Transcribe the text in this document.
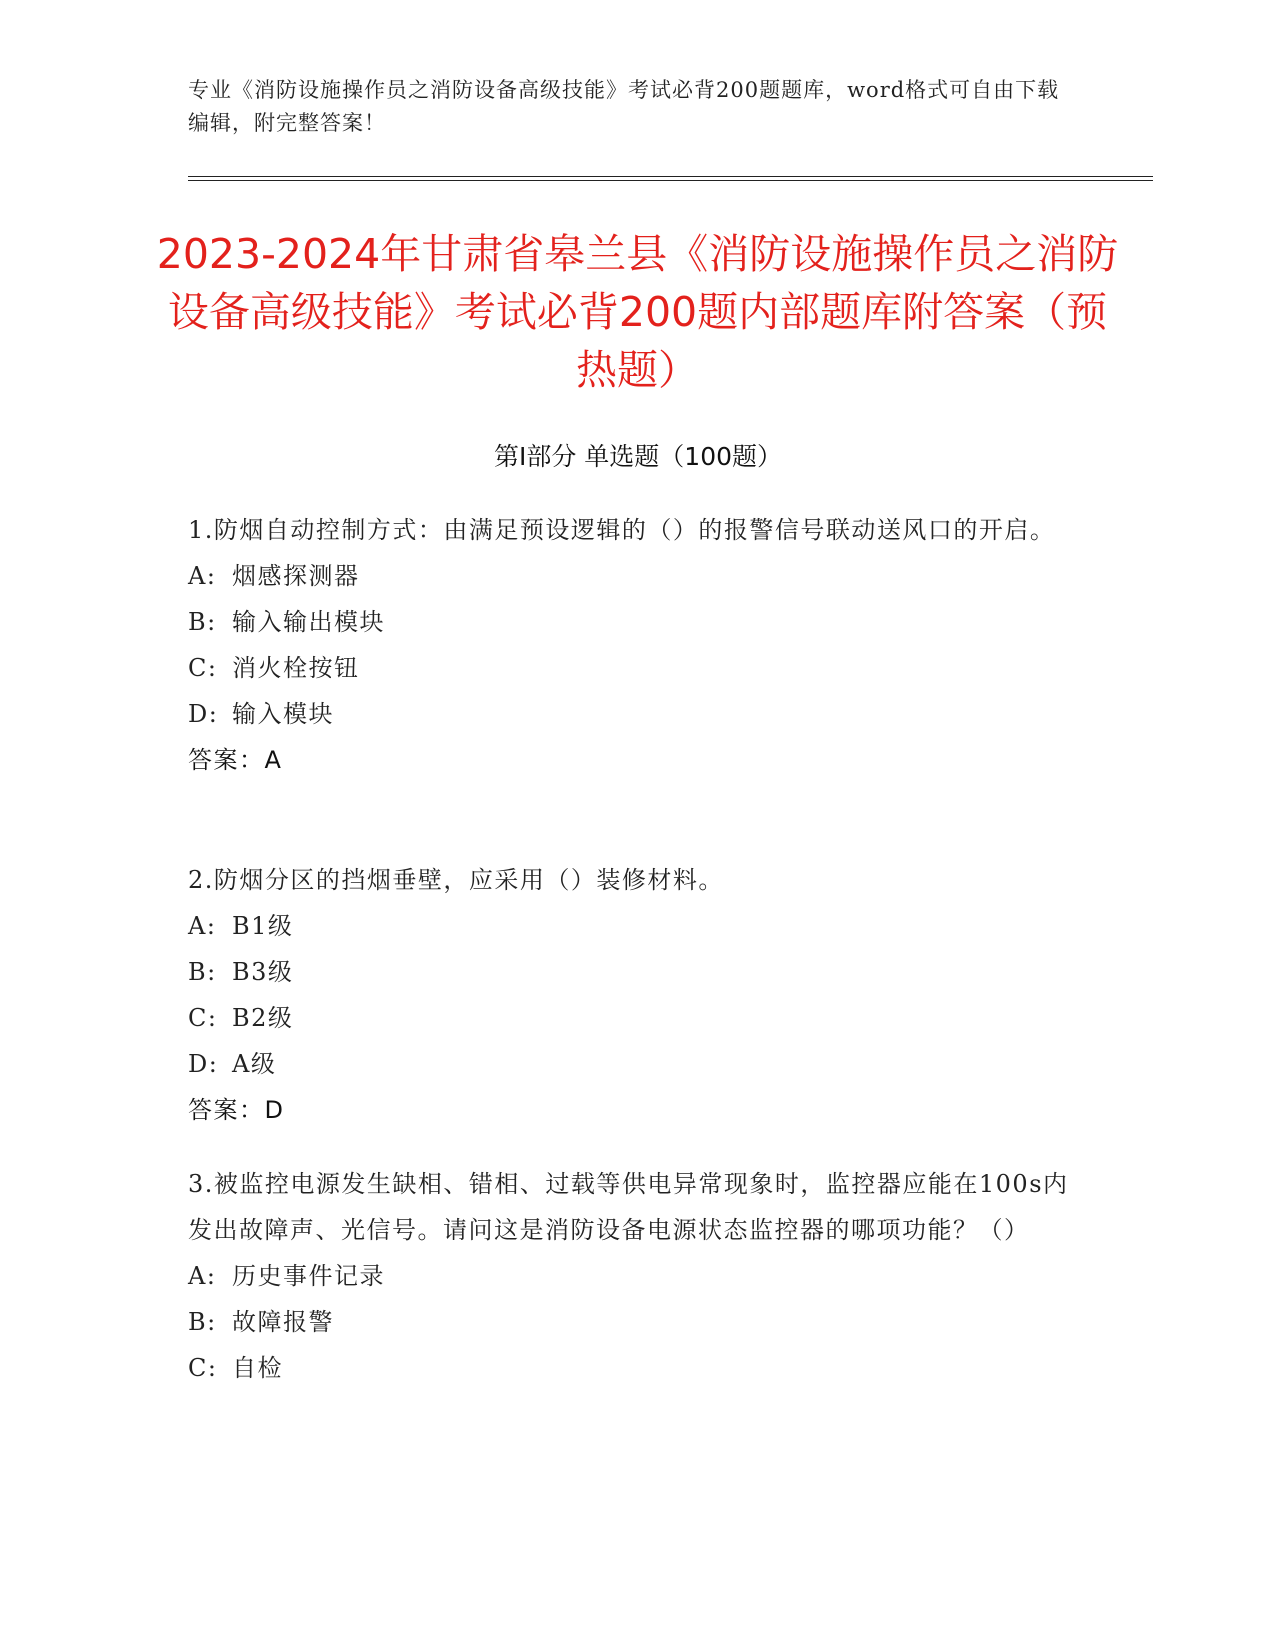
专业《消防设施操作员之消防设备高级技能》考试必背200题题库，word格式可自由下载编辑，附完整答案！
2023-2024年甘肃省皋兰县《消防设施操作员之消防设备高级技能》考试必背200题内部题库附答案（预热题）
第I部分 单选题（100题）

1.防烟自动控制方式：由满足预设逻辑的（）的报警信号联动送风口的开启。

A: 烟感探测器

B: 输入输出模块

C: 消火栓按钮

D: 输入模块

答案：A

2.防烟分区的挡烟垂壁，应采用（）装修材料。

A: B1级

B: B3级

C: B2级

D: A级

答案：D

3.被监控电源发生缺相、错相、过载等供电异常现象时，监控器应能在100s内发出故障声、光信号。请问这是消防设备电源状态监控器的哪项功能？（）

A: 历史事件记录

B: 故障报警

C: 自检
